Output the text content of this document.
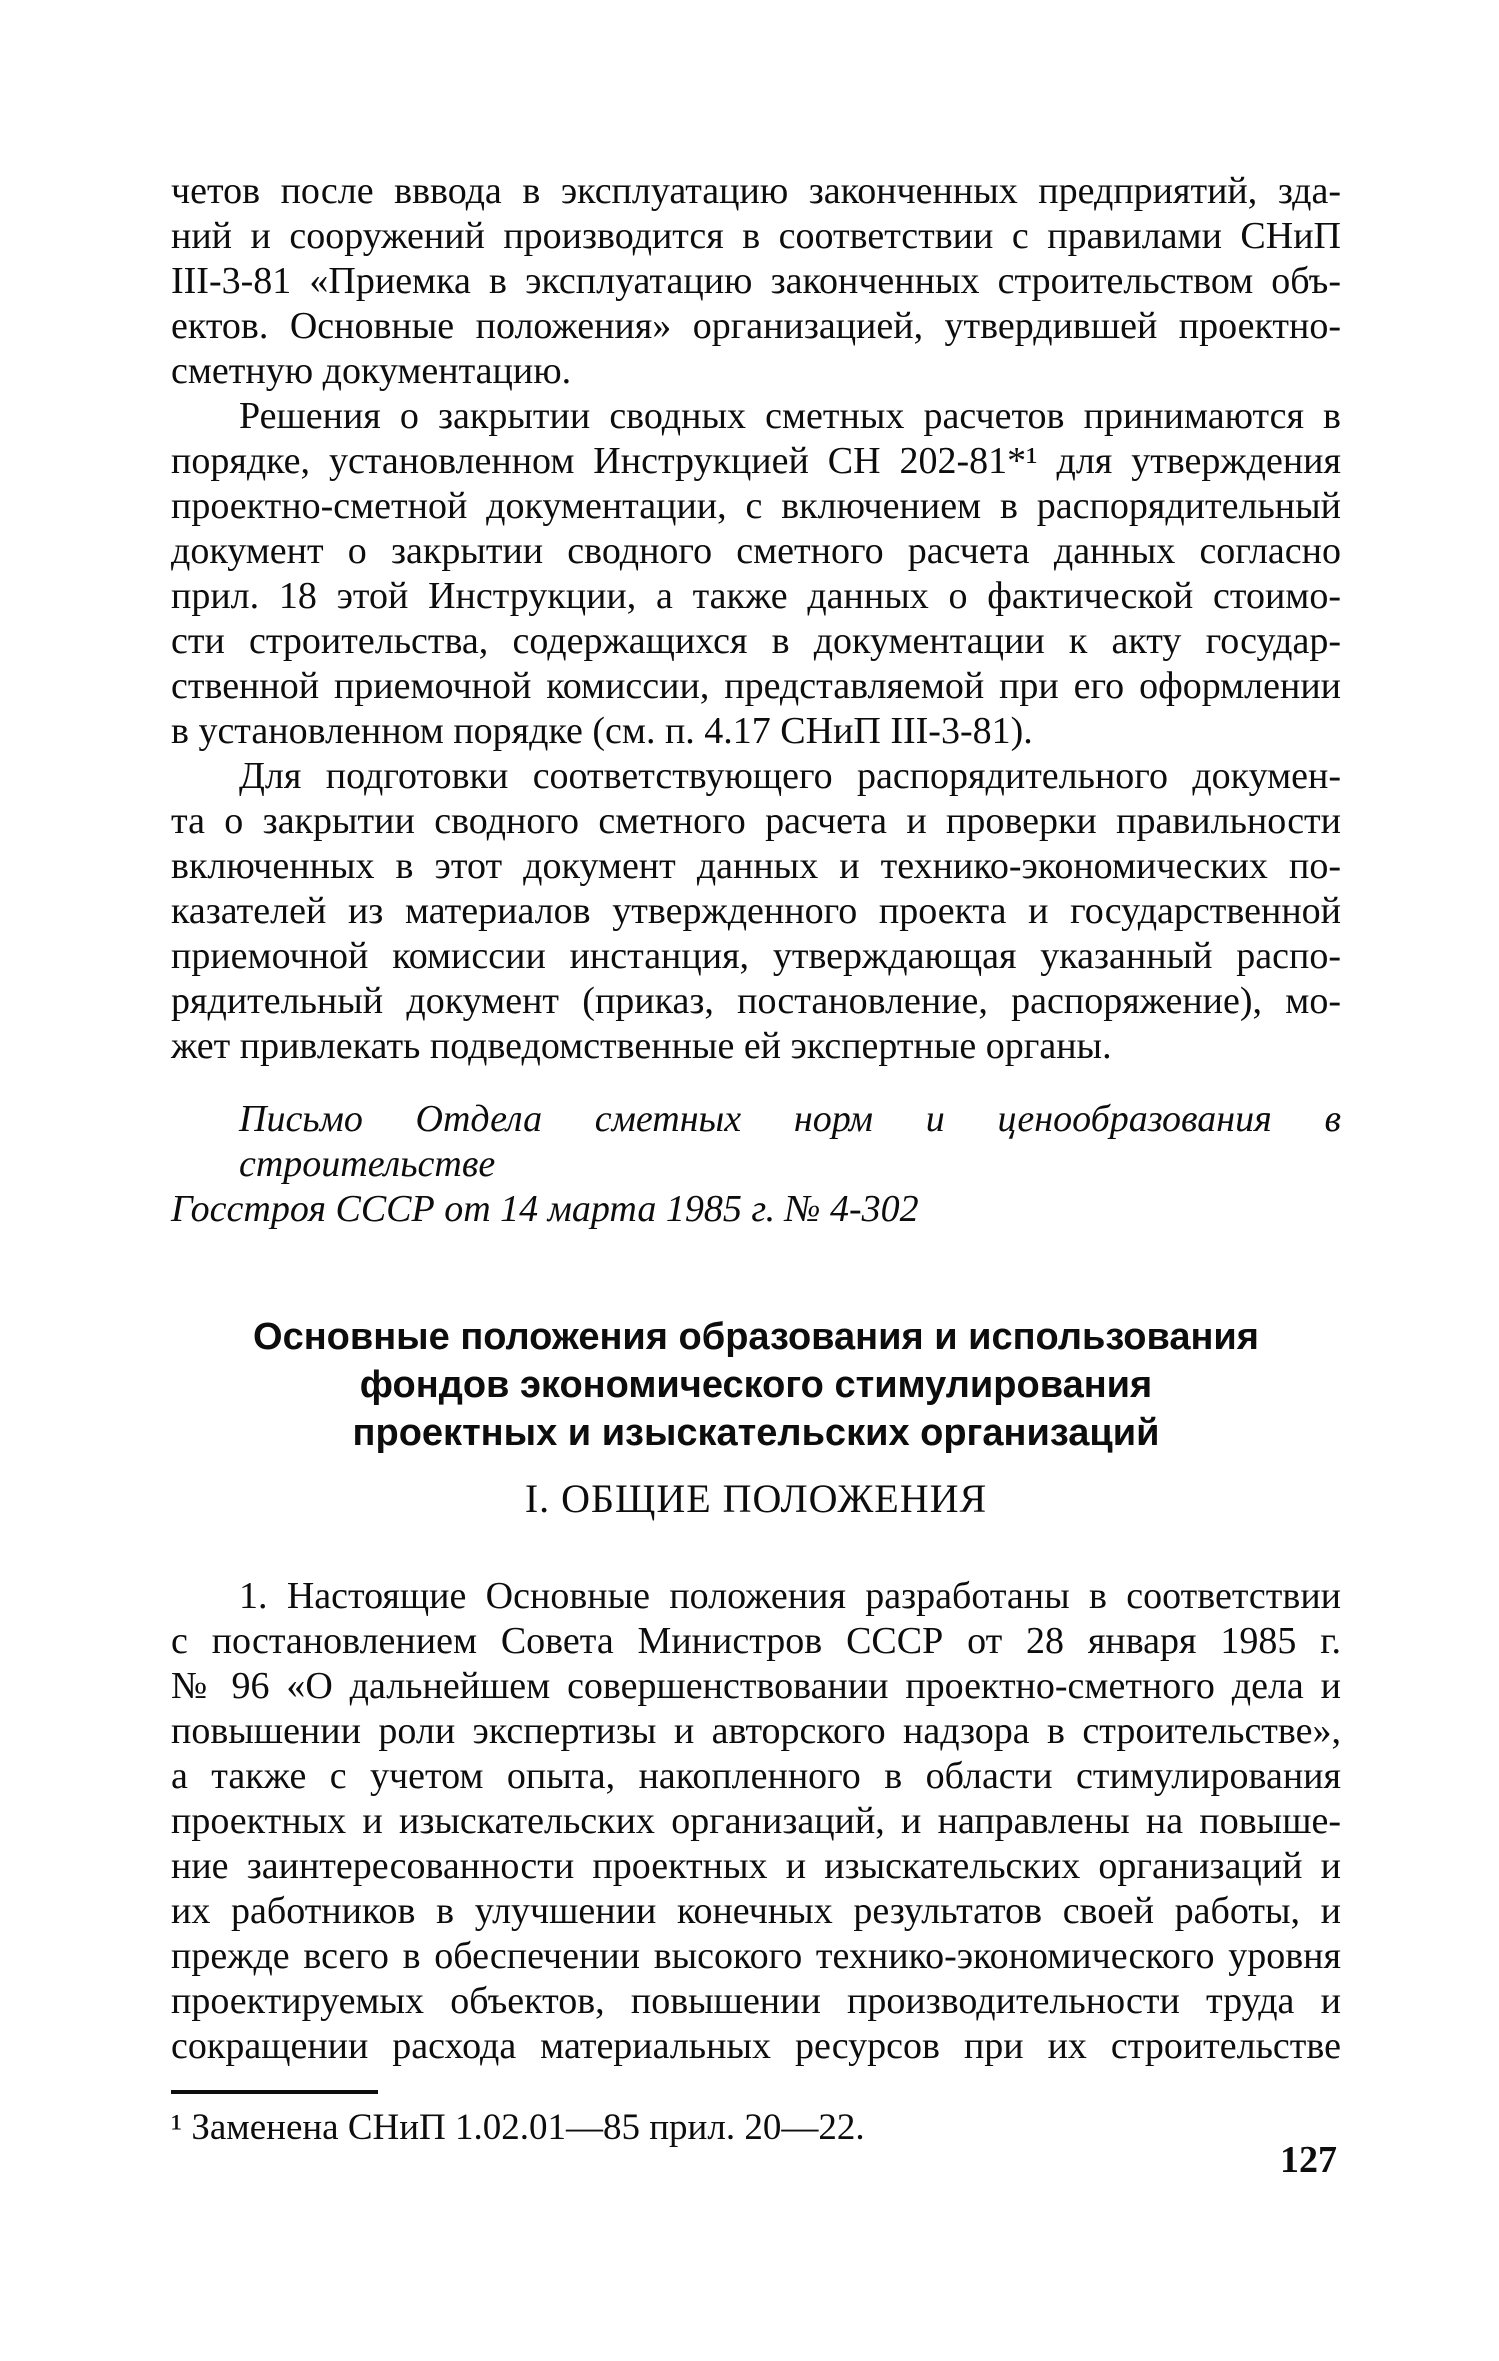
четов после вввода в эксплуатацию законченных предприятий, зда-
ний и сооружений производится в соответствии с правилами СНиП
III-3-81 «Приемка в эксплуатацию законченных строительством объ-
ектов. Основные положения» организацией, утвердившей проектно-
сметную документацию.
Решения о закрытии сводных сметных расчетов принимаются в
порядке, установленном Инструкцией СН 202-81*¹ для утверждения
проектно-сметной документации, с включением в распорядительный
документ о закрытии сводного сметного расчета данных согласно
прил. 18 этой Инструкции, а также данных о фактической стоимо-
сти строительства, содержащихся в документации к акту государ-
ственной приемочной комиссии, представляемой при его оформлении
в установленном порядке (см. п. 4.17 СНиП III-3-81).
Для подготовки соответствующего распорядительного докумен-
та о закрытии сводного сметного расчета и проверки правильности
включенных в этот документ данных и технико-экономических по-
казателей из материалов утвержденного проекта и государственной
приемочной комиссии инстанция, утверждающая указанный распо-
рядительный документ (приказ, постановление, распоряжение), мо-
жет привлекать подведомственные ей экспертные органы.
Письмо Отдела сметных норм и ценообразования в строительстве
Госстроя СССР от 14 марта 1985 г. № 4-302
Основные положения образования и использования
фондов экономического стимулирования
проектных и изыскательских организаций
I. ОБЩИЕ ПОЛОЖЕНИЯ
1. Настоящие Основные положения разработаны в соответствии
с постановлением Совета Министров СССР от 28 января 1985 г.
№ 96 «О дальнейшем совершенствовании проектно-сметного дела и
повышении роли экспертизы и авторского надзора в строительстве»,
а также с учетом опыта, накопленного в области стимулирования
проектных и изыскательских организаций, и направлены на повыше-
ние заинтересованности проектных и изыскательских организаций и
их работников в улучшении конечных результатов своей работы, и
прежде всего в обеспечении высокого технико-экономического уровня
проектируемых объектов, повышении производительности труда и
сокращении расхода материальных ресурсов при их строительстве
¹ Заменена СНиП 1.02.01—85 прил. 20—22.
127
